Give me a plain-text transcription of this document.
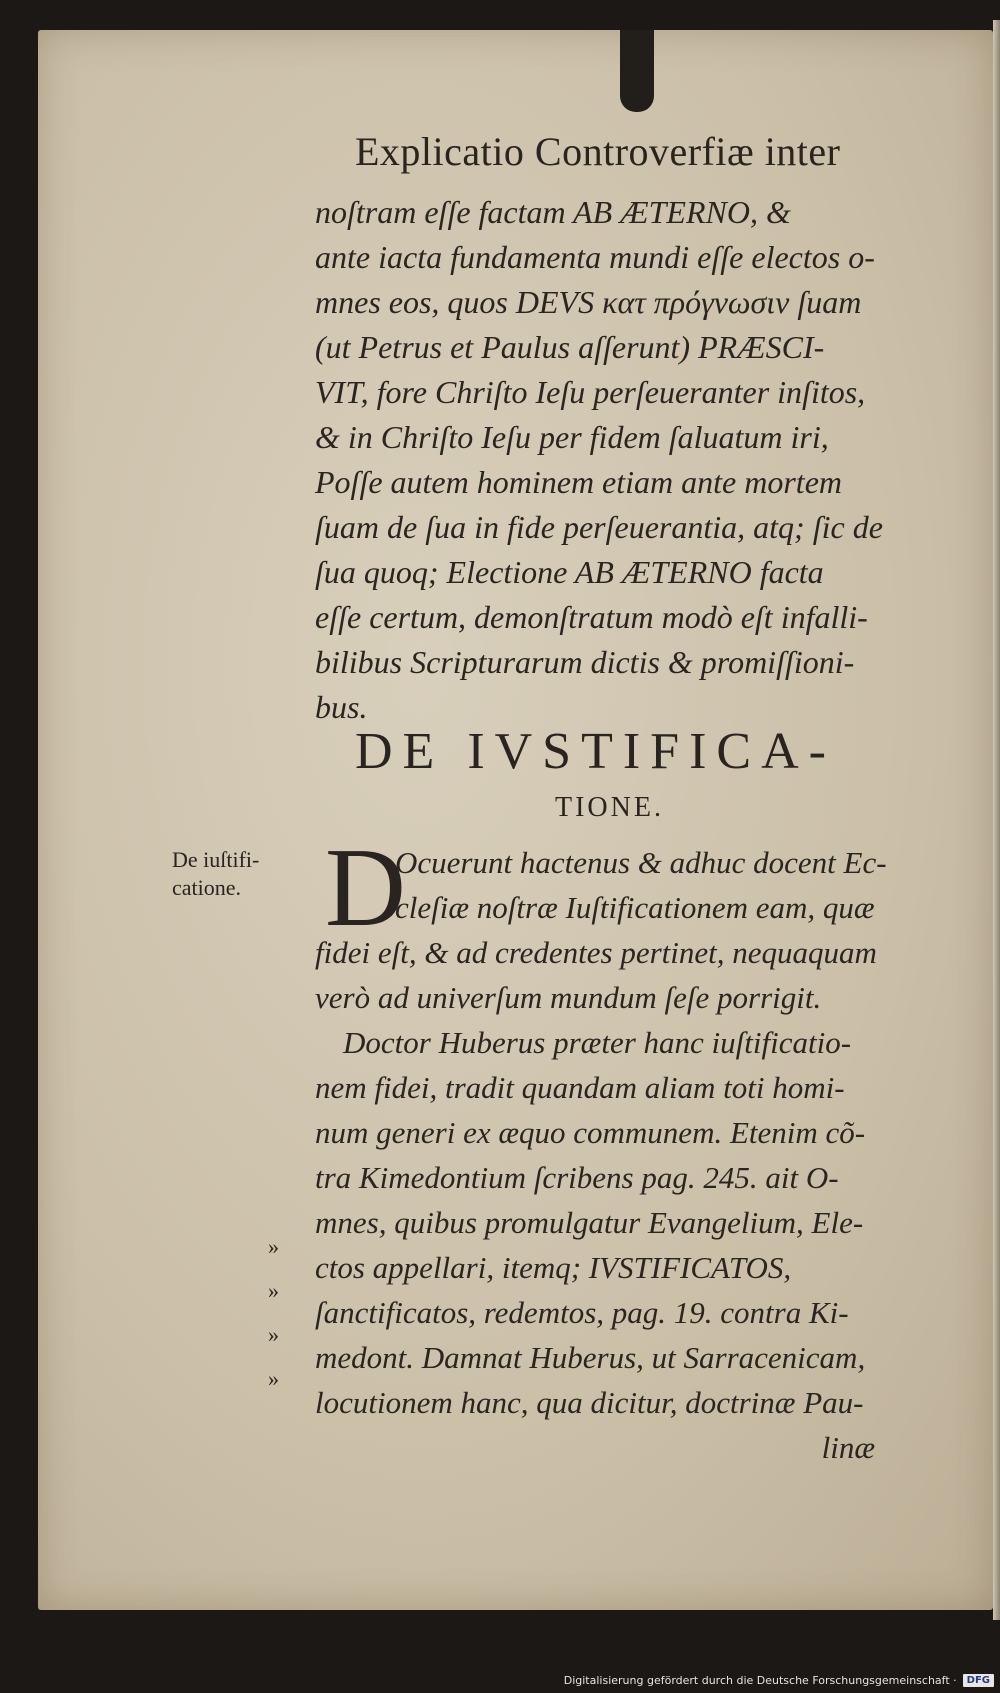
Explicatio Controverfiæ inter
noſtram eſſe factam AB ÆTERNO, &
ante iacta fundamenta mundi eſſe electos o-
mnes eos, quos DEVS κατ πρόγνωσιν ſuam
(ut Petrus et Paulus aſſerunt) PRÆSCI-
VIT, fore Chriſto Ieſu perſeueranter inſitos,
& in Chriſto Ieſu per fidem ſaluatum iri,
Poſſe autem hominem etiam ante mortem
ſuam de ſua in fide perſeuerantia, atq; ſic de
ſua quoq; Electione AB ÆTERNO facta
eſſe certum, demonſtratum modò eſt infalli-
bilibus Scripturarum dictis & promiſſioni-
bus.
DE IVSTIFICA-
TIONE.
De iuſtifi-
catione. D
Ocuerunt hactenus & adhuc docent Ec-
cleſiæ noſtræ Iuſtificationem eam, quæ
fidei eſt, & ad credentes pertinet, nequaquam
verò ad univerſum mundum ſeſe porrigit.
Doctor Huberus præter hanc iuſtificatio-
nem fidei, tradit quandam aliam toti homi-
num generi ex æquo communem. Etenim cõ-
tra Kimedontium ſcribens pag. 245. ait O-
mnes, quibus promulgatur Evangelium, Ele-
ctos appellari, itemq; IVSTIFICATOS,
ſanctificatos, redemtos, pag. 19. contra Ki-
medont. Damnat Huberus, ut Sarracenicam,
locutionem hanc, qua dicitur, doctrinæ Pau-
linæ
»
»
»
»
Digitalisierung gefördert durch die Deutsche Forschungsgemeinschaft ·	DFG
